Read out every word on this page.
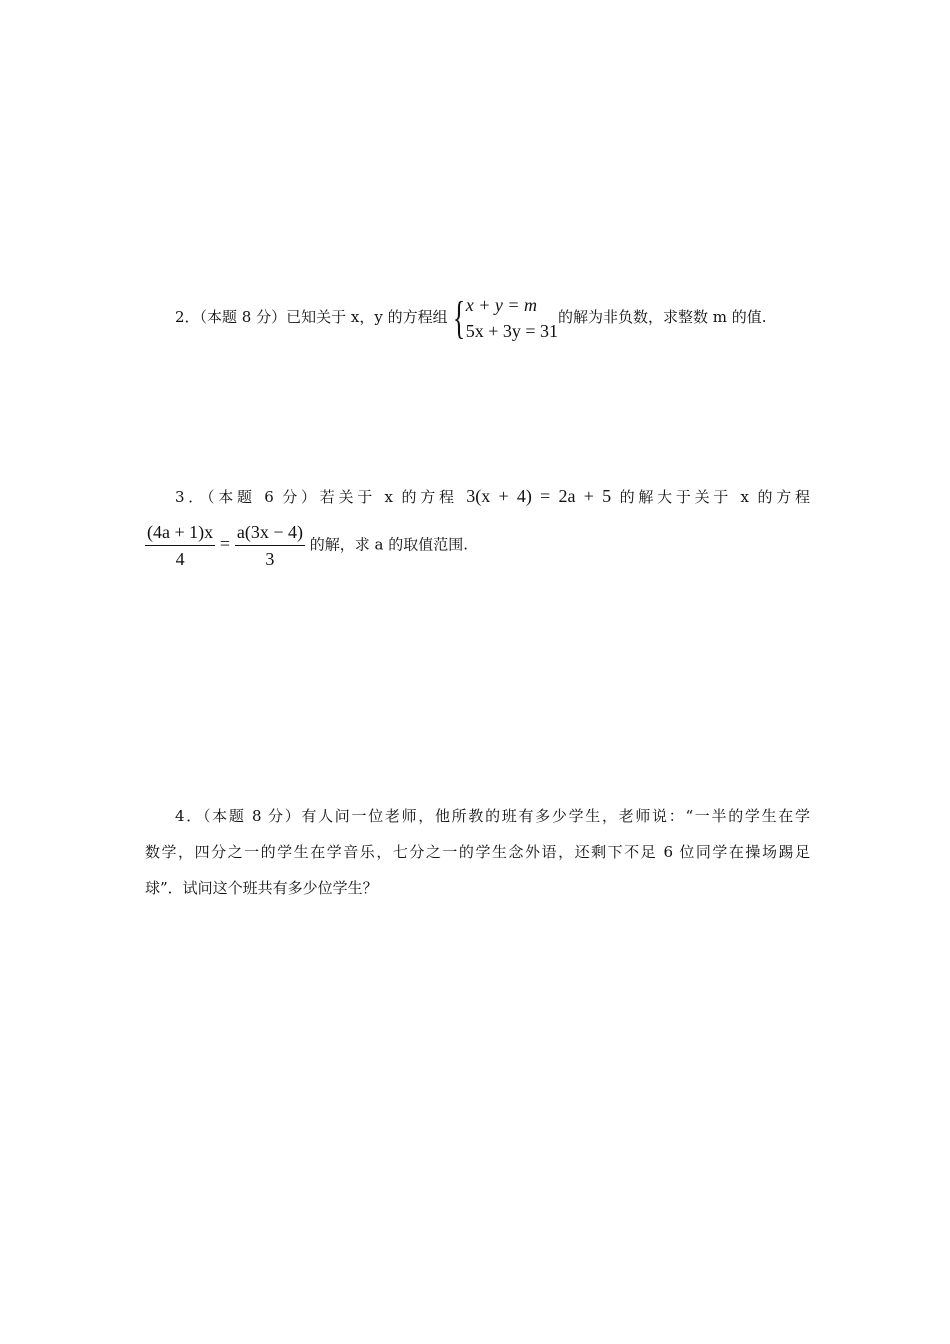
2．（本题 8 分）已知关于 x，y 的方程组 { x + y = m
5x + 3y = 31
的解为非负数，求整数 m 的值.
3．（本题 6 分）若关于 x 的方程 3(x + 4) = 2a + 5 的解大于关于 x 的方程
$\frac{(4a + 1)x}{4} = \frac{a(3x - 4)}{3}$ 的解，求 a 的取值范围.
4．（本题 8 分）有人问一位老师，他所教的班有多少学生，老师说：“一半的学生在学
数学，四分之一的学生在学音乐，七分之一的学生念外语，还剩下不足 6 位同学在操场踢足
球”．试问这个班共有多少位学生？
